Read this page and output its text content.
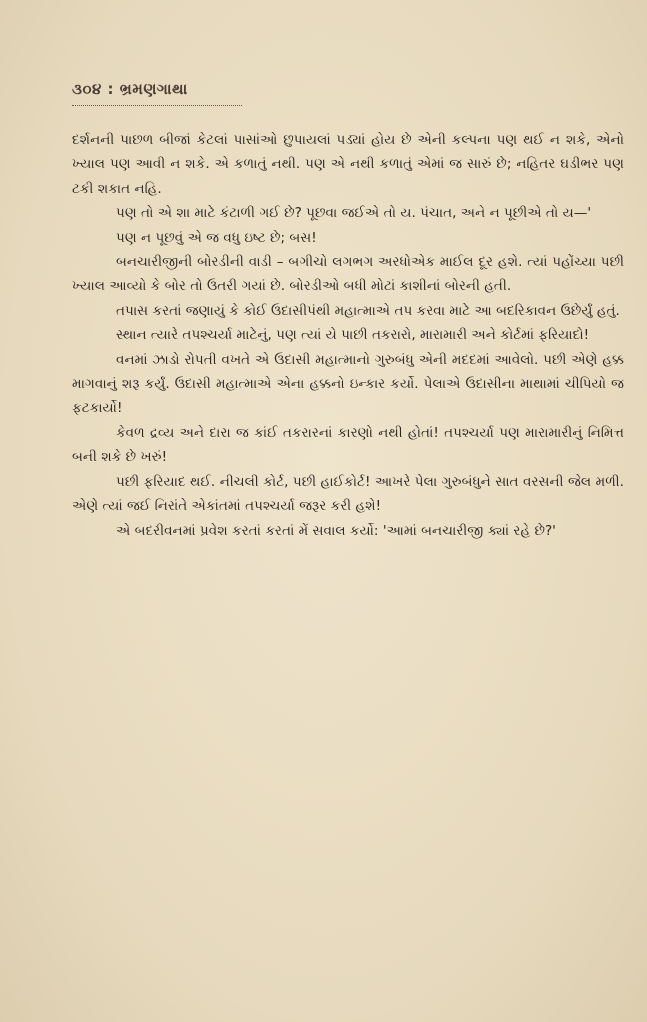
૩૦૪ : ભ્રમણગાથા

દર્શનની પાછળ બીજાં કેટલાં પાસાંઓ છુપાયલાં પડ્યાં હોય છે એની કલ્પના પણ થઈ ન શકે, એનો ખ્યાલ પણ આવી ન શકે. એ કળાતું નથી. પણ એ નથી કળાતું એમાં જ સારું છે; નહિતર ઘડીભર પણ ટકી શકાત નહિ.

પણ તો એ શા માટે કંટાળી ગઈ છે? પૂછવા જઈએ તો ય. પંચાત, અને ન પૂછીએ તો ય—'

પણ ન પૂછવું એ જ વધુ ઇષ્ટ છે; બસ!

બનચારીજીની બોરડીની વાડી – બગીચો લગભગ અરધોએક માઈલ દૂર હશે. ત્યાં પહોંચ્યા પછી ખ્યાલ આવ્યો કે બોર તો ઉતરી ગયાં છે. બોરડીઓ બધી મોટાં કાશીનાં બોરની હતી.

તપાસ કરતાં જણાયું કે કોઈ ઉદાસીપંથી મહાત્માએ તપ કરવા માટે આ બદરિકાવન ઉછેર્યું હતું.

સ્થાન ત્યારે તપશ્ચર્યા માટેનું, પણ ત્યાં યે પાછી તકરારો, મારામારી અને કોર્ટમાં ફરિયાદો!

વનમાં ઝાડો રોપતી વખતે એ ઉદાસી મહાત્માનો ગુરુબંધુ એની મદદમાં આવેલો. પછી એણે હક્ક માગવાનું શરૂ કર્યું. ઉદાસી મહાત્માએ એના હક્કનો ઇન્કાર કર્યો. પેલાએ ઉદાસીના માથામાં ચીપિયો જ ફટકાર્યો!

કેવળ દ્રવ્ય અને દારા જ કાંઈ તકરારનાં કારણો નથી હોતાં! તપશ્ચર્યા પણ મારામારીનું નિમિત્ત બની શકે છે ખરું!

પછી ફરિયાદ થઈ. નીચલી કોર્ટ, પછી હાઈકોર્ટ! આખરે પેલા ગુરુબંધુને સાત વરસની જેલ મળી. એણે ત્યાં જઈ નિરાંતે એકાંતમાં તપશ્ચર્યા જરૂર કરી હશે!

એ બદરીવનમાં પ્રવેશ કરતાં કરતાં મેં સવાલ કર્યો: 'આમાં બનચારીજી ક્યાં રહે છે?'
